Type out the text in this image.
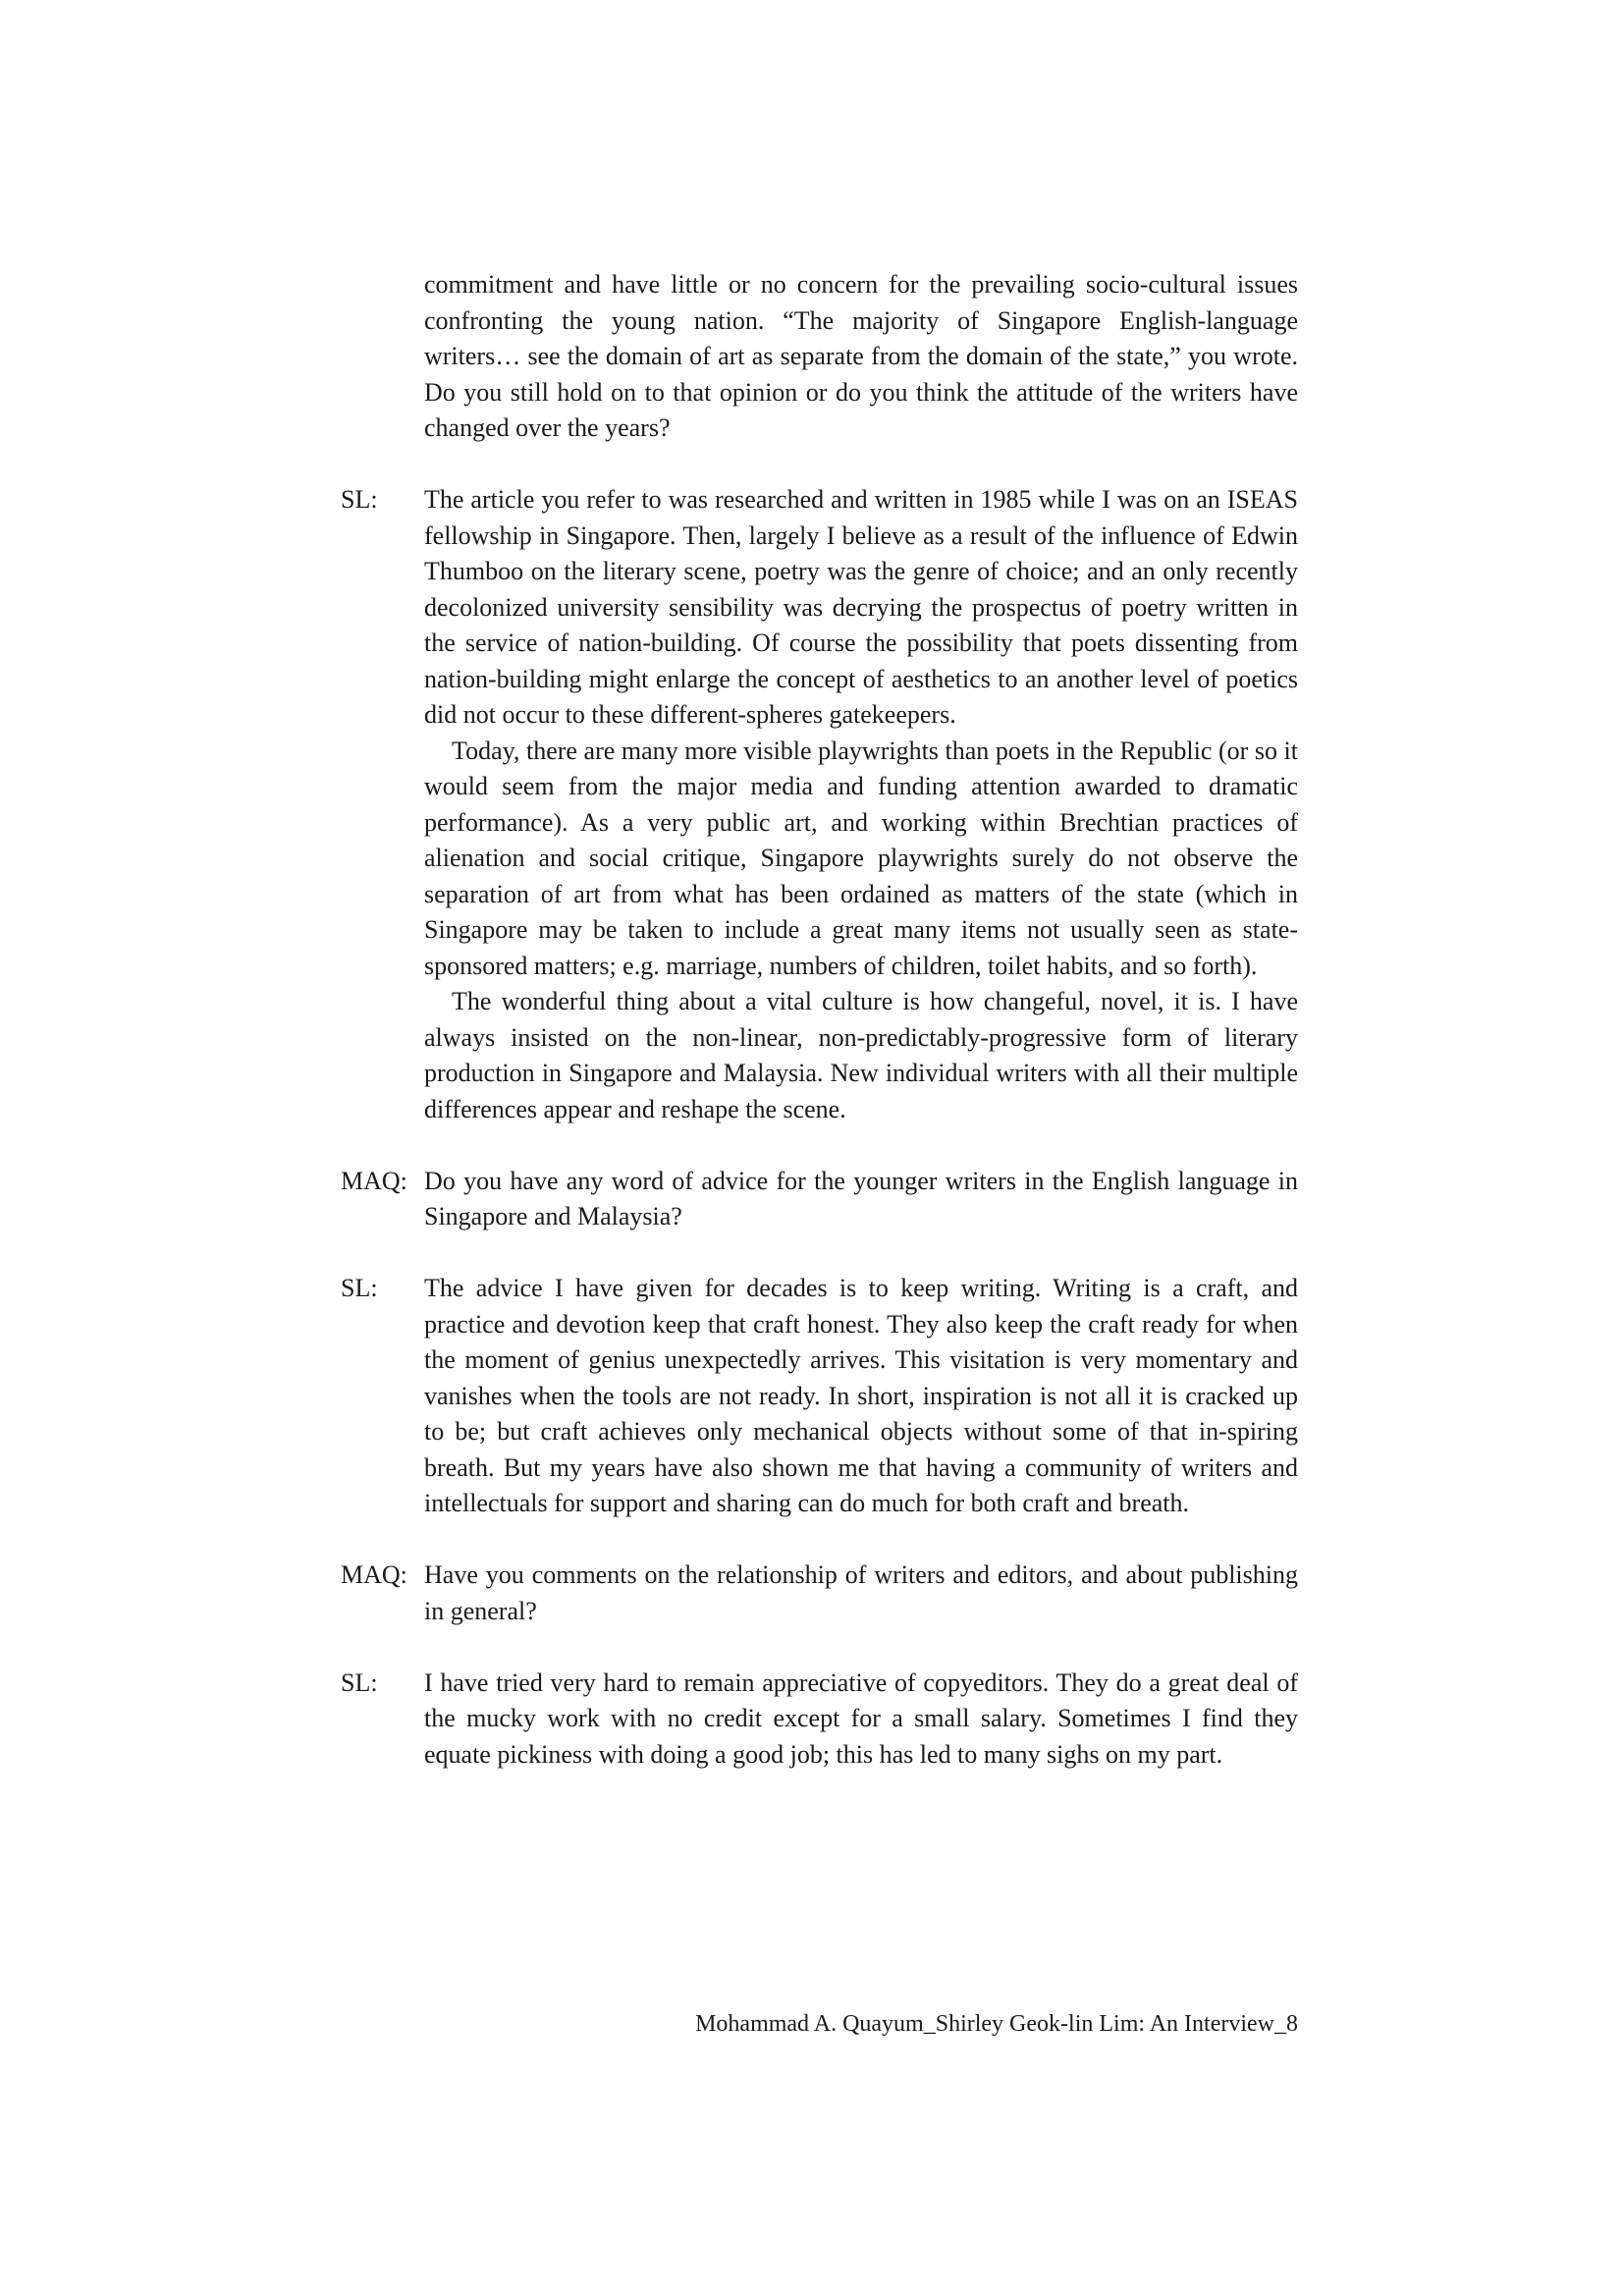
commitment and have little or no concern for the prevailing socio-cultural issues confronting the young nation. “The majority of Singapore English-language writers… see the domain of art as separate from the domain of the state,” you wrote. Do you still hold on to that opinion or do you think the attitude of the writers have changed over the years?

SL:	The article you refer to was researched and written in 1985 while I was on an ISEAS fellowship in Singapore. Then, largely I believe as a result of the influence of Edwin Thumboo on the literary scene, poetry was the genre of choice; and an only recently decolonized university sensibility was decrying the prospectus of poetry written in the service of nation-building. Of course the possibility that poets dissenting from nation-building might enlarge the concept of aesthetics to an another level of poetics did not occur to these different-spheres gatekeepers.

Today, there are many more visible playwrights than poets in the Republic (or so it would seem from the major media and funding attention awarded to dramatic performance). As a very public art, and working within Brechtian practices of alienation and social critique, Singapore playwrights surely do not observe the separation of art from what has been ordained as matters of the state (which in Singapore may be taken to include a great many items not usually seen as state-sponsored matters; e.g. marriage, numbers of children, toilet habits, and so forth).

The wonderful thing about a vital culture is how changeful, novel, it is. I have always insisted on the non-linear, non-predictably-progressive form of literary production in Singapore and Malaysia. New individual writers with all their multiple differences appear and reshape the scene.

MAQ: Do you have any word of advice for the younger writers in the English language in Singapore and Malaysia?

SL:	The advice I have given for decades is to keep writing. Writing is a craft, and practice and devotion keep that craft honest. They also keep the craft ready for when the moment of genius unexpectedly arrives. This visitation is very momentary and vanishes when the tools are not ready. In short, inspiration is not all it is cracked up to be; but craft achieves only mechanical objects without some of that in-spiring breath. But my years have also shown me that having a community of writers and intellectuals for support and sharing can do much for both craft and breath.

MAQ: Have you comments on the relationship of writers and editors, and about publishing in general?

SL:	I have tried very hard to remain appreciative of copyeditors. They do a great deal of the mucky work with no credit except for a small salary. Sometimes I find they equate pickiness with doing a good job; this has led to many sighs on my part.

Mohammad A. Quayum_Shirley Geok-lin Lim: An Interview_8
